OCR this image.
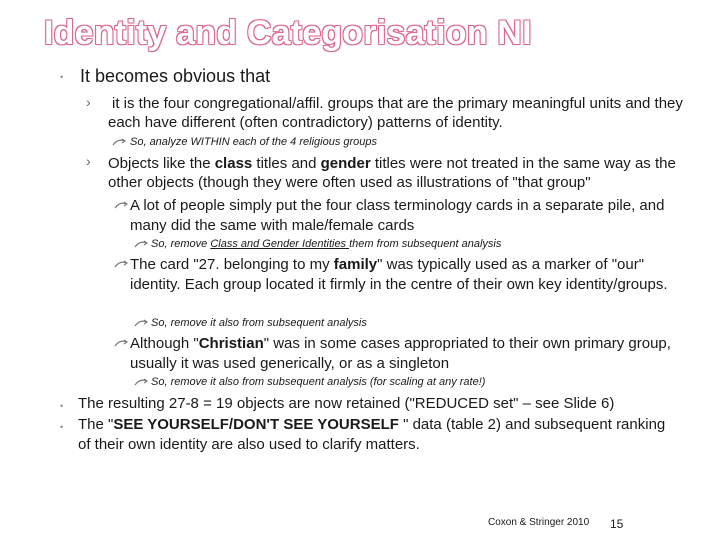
Identity and Categorisation NI
• It becomes obvious that
› it is the four congregational/affil. groups that are the primary meaningful units and they each have different (often contradictory) patterns of identity.
So, analyze WITHIN each of the 4 religious groups
› Objects like the class titles and gender titles were not treated in the same way as the other objects (though they were often used as illustrations of "that group"
A lot of people simply put the four class terminology cards in a separate pile, and many did the same with male/female cards
So, remove Class and Gender Identities them from subsequent analysis
The card "27. belonging to my family" was typically used as a marker of "our" identity. Each group located it firmly in the centre of their own key identity/groups.
So, remove it also from subsequent analysis
Although "Christian" was in some cases appropriated to their own primary group, usually it was used generically, or as a singleton
So, remove it also from subsequent analysis (for scaling at any rate!)
• The resulting 27-8 = 19 objects are now retained ("REDUCED set" – see Slide 6)
• The "SEE YOURSELF/DON'T SEE YOURSELF " data (table 2) and subsequent ranking of their own identity are also used to clarify matters.
Coxon & Stringer 2010 15
